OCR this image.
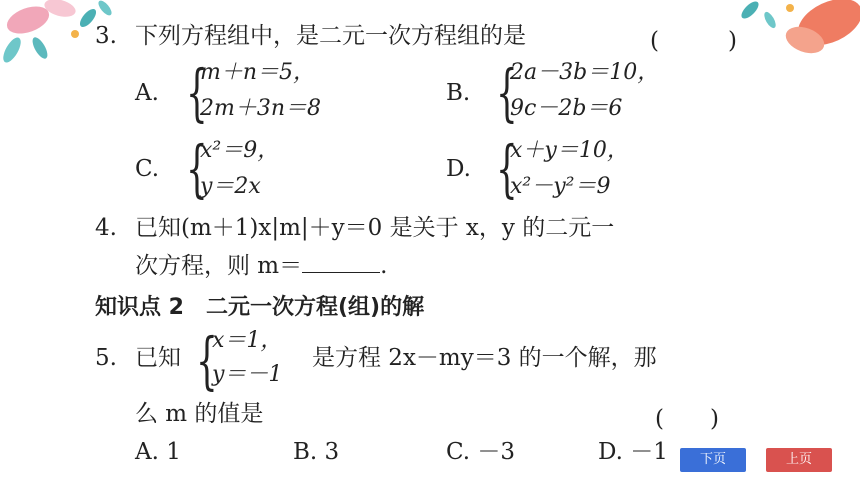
3. 下列方程组中，是二元一次方程组的是	(　　　)
A. {
m＋n＝5，
2m＋3n＝8
B. {
2a－3b＝10，
9c－2b＝6
C. {
x²＝9，
y＝2x
D. {
x＋y＝10，
x²－y²＝9
4. 已知(m＋1)x|m|＋y＝0 是关于 x，y 的二元一
次方程，则 m＝	.
知识点 2　二元一次方程(组)的解
5. 已知 {
x＝1，
y＝－1
是方程 2x－my＝3 的一个解，那
么 m 的值是	(　　)
A. 1	B. 3	C. －3	D. －1	下页	上页
